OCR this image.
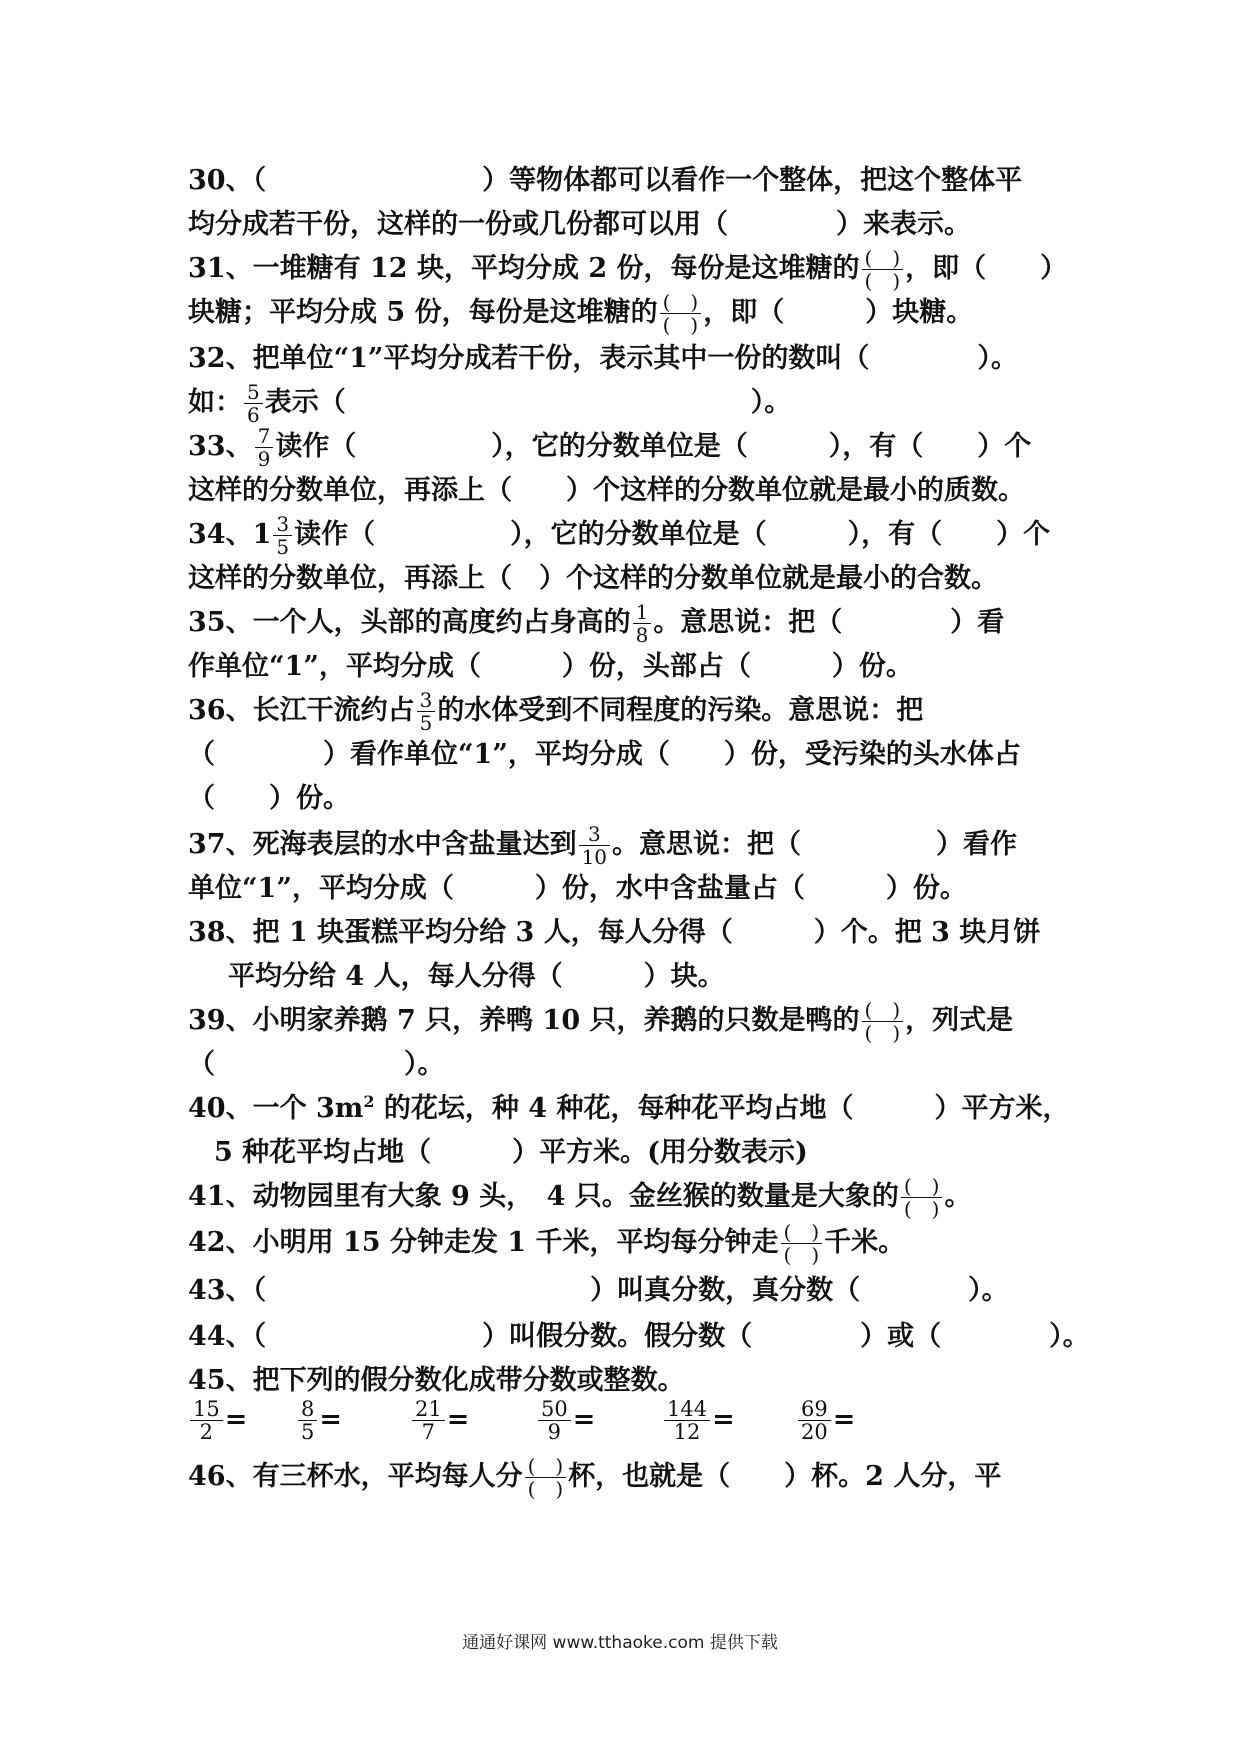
30、（　　　　　　　　）等物体都可以看作一个整体，把这个整体平
均分成若干份，这样的一份或几份都可以用（　　　　）来表示。
31、一堆糖有 12 块，平均分成 2 份，每份是这堆糖的 $\frac{( )}{( )}$ ，即（　　）
块糖；平均分成 5 份，每份是这堆糖的 $\frac{( )}{( )}$ ，即（　　　）块糖。
32、把单位“1”平均分成若干份，表示其中一份的数叫（　　　　）。
如： $\frac{5}{6}$ 表示（　　　　　　　　　　　　　　　）。
33、 $\frac{7}{9}$ 读作（　　　　　），它的分数单位是（　　　），有（　　）个
这样的分数单位，再添上（　　）个这样的分数单位就是最小的质数。
34、$1 \frac{3}{5}$ 读作（　　　　　），它的分数单位是（　　　），有（　　）个
这样的分数单位，再添上（　）个这样的分数单位就是最小的合数。
35、一个人，头部的高度约占身高的 $\frac{1}{8}$ 。意思说：把（　　　　）看
作单位“1”，平均分成（　　　）份，头部占（　　　）份。
36、长江干流约占 $\frac{3}{5}$ 的水体受到不同程度的污染。意思说：把
（　　　　）看作单位“1”，平均分成（　　）份，受污染的头水体占
（　　）份。
37、死海表层的水中含盐量达到 $\frac{3}{10}$ 。意思说：把（　　　　　）看作
单位“1”，平均分成（　　　）份，水中含盐量占（　　　）份。
38、把 1 块蛋糕平均分给 3 人，每人分得（　　　）个。把 3 块月饼
平均分给 4 人，每人分得（　　　）块。
39、小明家养鹅 7 只，养鸭 10 只，养鹅的只数是鸭的 $\frac{( )}{( )}$ ，列式是
（　　　　　　　）。
40、一个 $3m^2$ 的花坛，种 4 种花，每种花平均占地（　　　）平方米，
5 种花平均占地（　　　）平方米。(用分数表示)
41、动物园里有大象 9 头，　4 只。金丝猴的数量是大象的 $\frac{( )}{( )}$ 。
42、小明用 15 分钟走发 1 千米，平均每分钟走 $\frac{( )}{( )}$ 千米。
43、（　　　　　　　　　　　　）叫真分数，真分数（　　　　）。
44、（　　　　　　　　）叫假分数。假分数（　　　　）或（　　　　）。
45、把下列的假分数化成带分数或整数。
$\frac{15}{2} = \frac{8}{5}$ =	$\frac{21}{7}$ =	$\frac{50}{9}$ =	$\frac{144}{12}$ =	$\frac{69}{20}$ =
46、有三杯水，平均每人分 $\frac{( )}{( )}$ 杯，也就是（　　）杯。2 人分，平
通通好课网 www.tthaoke.com 提供下载
